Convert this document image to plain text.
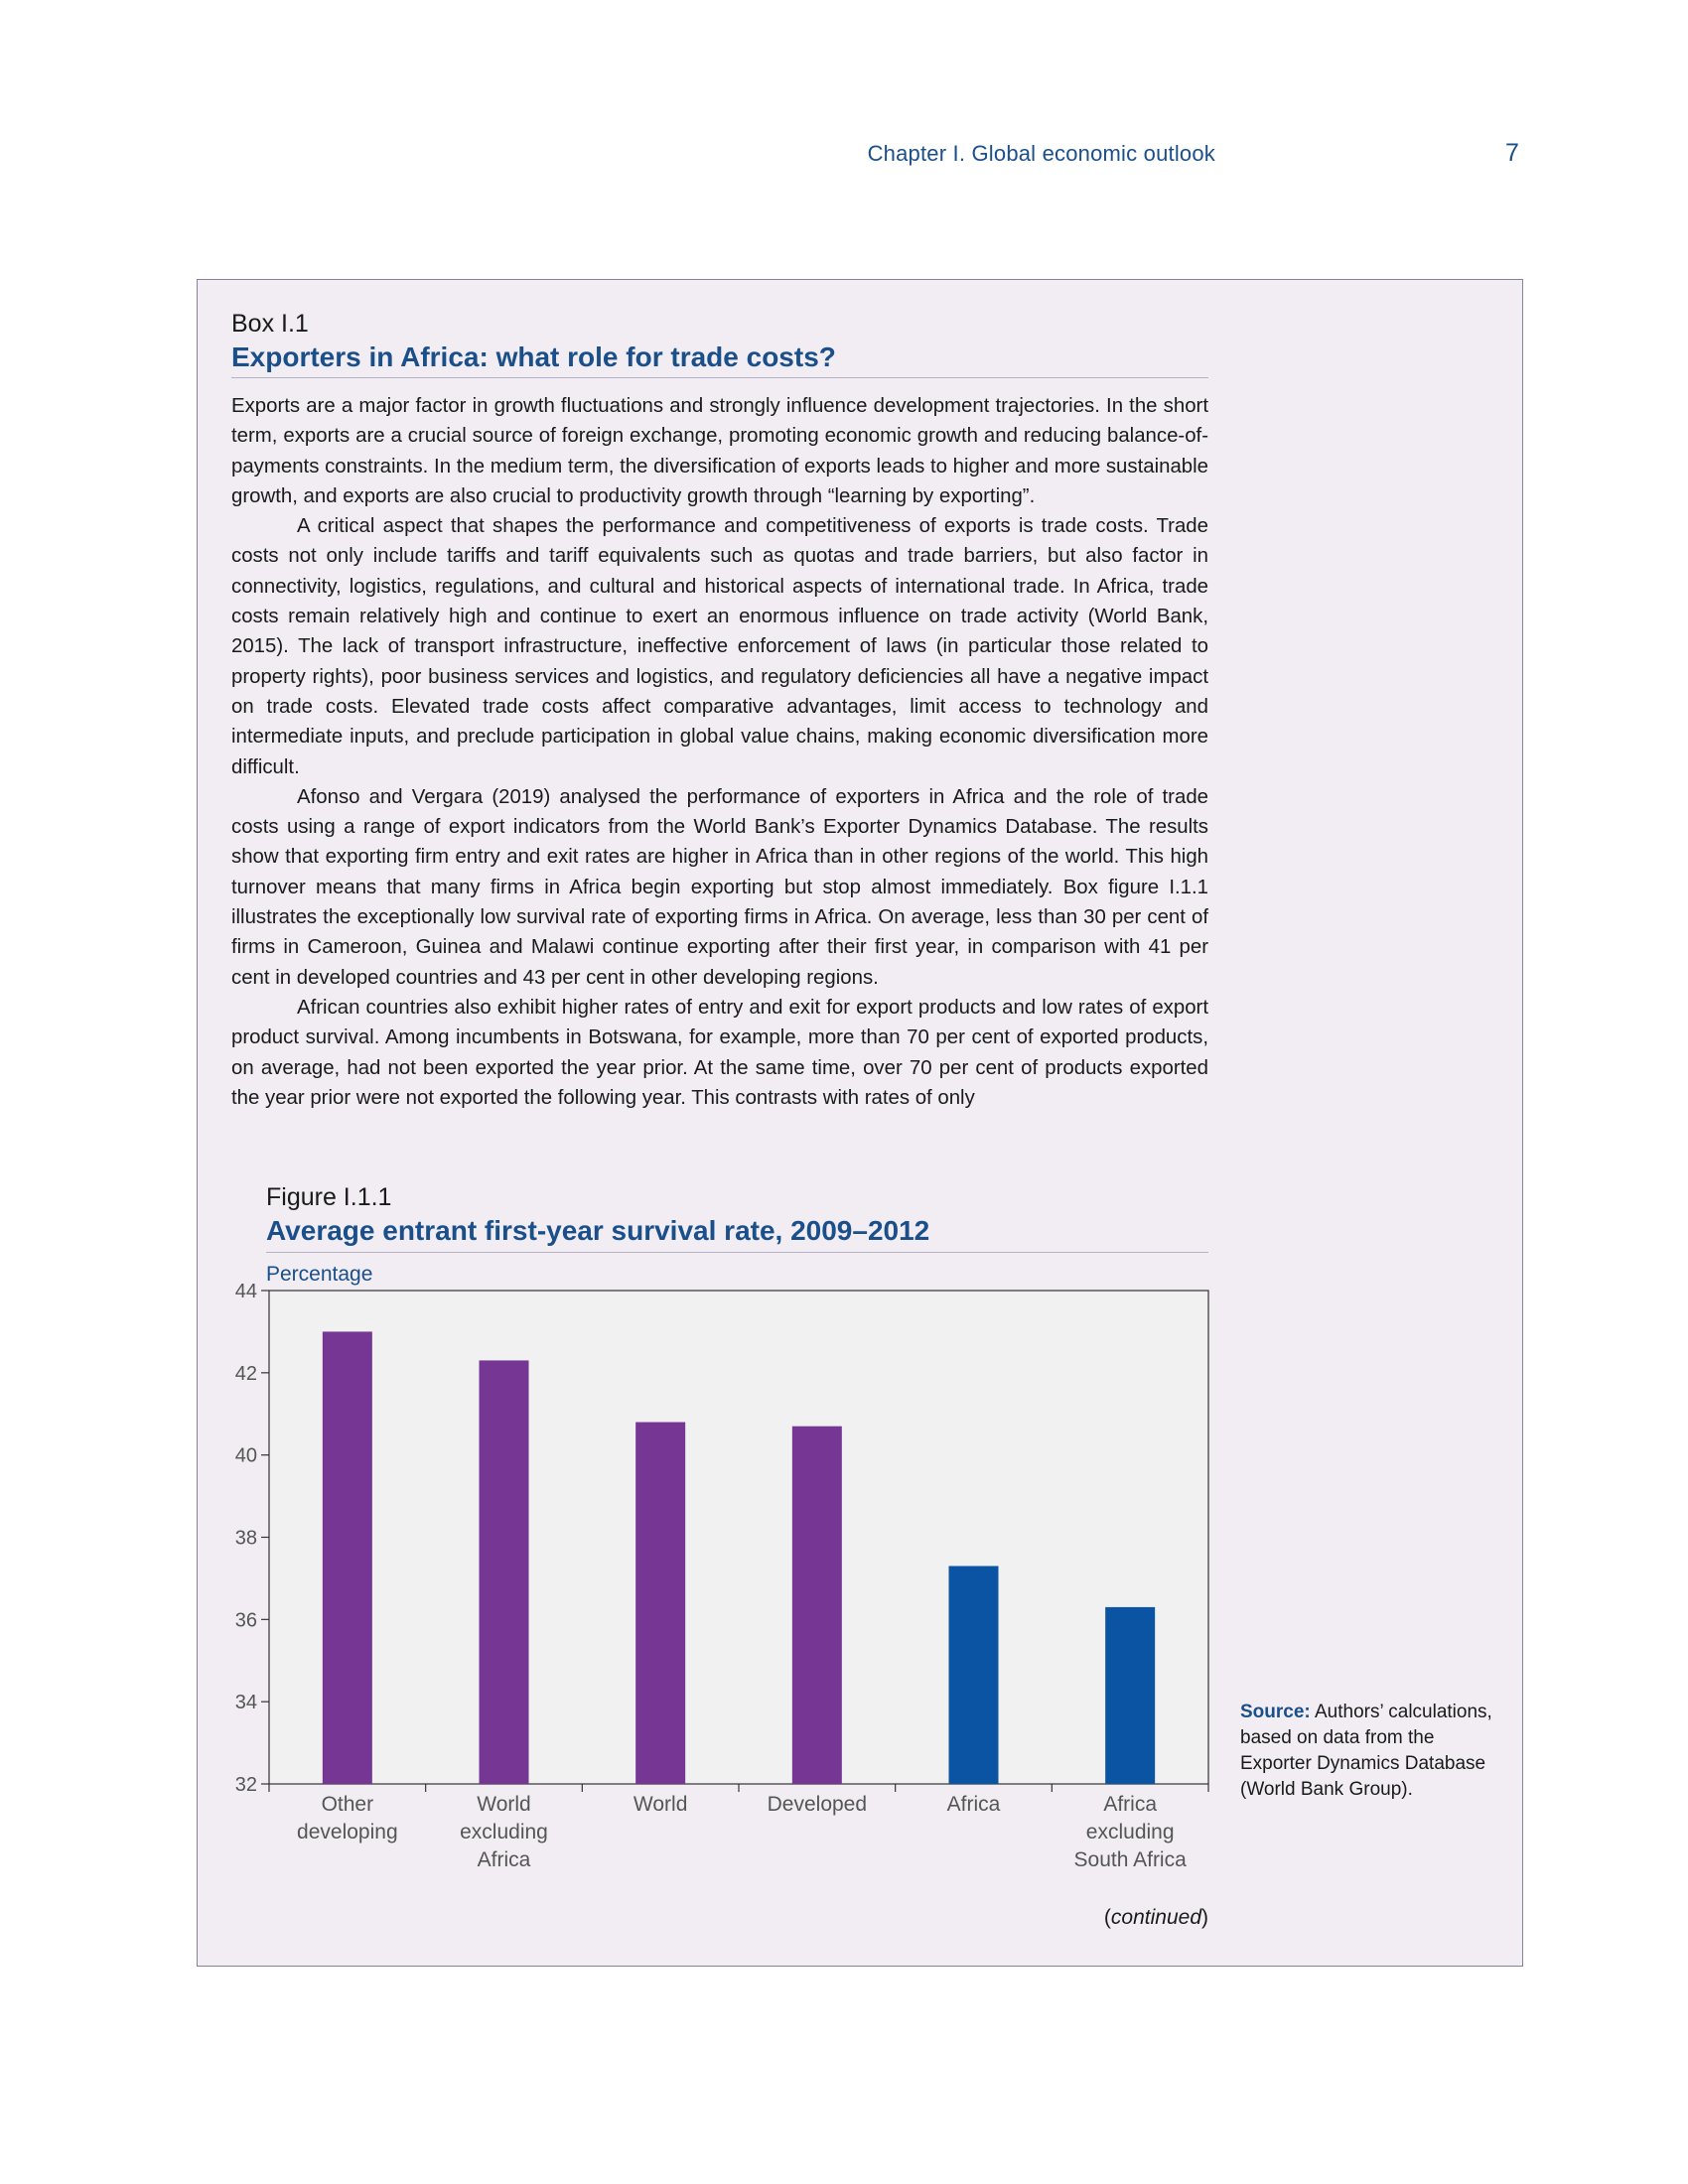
Chapter I. Global economic outlook	7
Box I.1
Exporters in Africa: what role for trade costs?

Exports are a major factor in growth fluctuations and strongly influence development trajectories. In the short term, exports are a crucial source of foreign exchange, promoting economic growth and reducing balance-of-payments constraints. In the medium term, the diversification of exports leads to higher and more sustainable growth, and exports are also crucial to productivity growth through “learning by exporting”.

A critical aspect that shapes the performance and competitiveness of exports is trade costs. Trade costs not only include tariffs and tariff equivalents such as quotas and trade barriers, but also factor in connectivity, logistics, regulations, and cultural and historical aspects of international trade. In Africa, trade costs remain relatively high and continue to exert an enormous influence on trade activity (World Bank, 2015). The lack of transport infrastructure, ineffective enforcement of laws (in particular those related to property rights), poor business services and logistics, and regulatory deficiencies all have a negative impact on trade costs. Elevated trade costs affect comparative advantages, limit access to technology and intermediate inputs, and preclude participation in global value chains, making economic diversification more difficult.

Afonso and Vergara (2019) analysed the performance of exporters in Africa and the role of trade costs using a range of export indicators from the World Bank’s Exporter Dynamics Database. The results show that exporting firm entry and exit rates are higher in Africa than in other regions of the world. This high turnover means that many firms in Africa begin exporting but stop almost immediately. Box figure I.1.1 illustrates the exceptionally low survival rate of exporting firms in Africa. On average, less than 30 per cent of firms in Cameroon, Guinea and Malawi continue exporting after their first year, in comparison with 41 per cent in developed countries and 43 per cent in other developing regions.

African countries also exhibit higher rates of entry and exit for export products and low rates of export product survival. Among incumbents in Botswana, for example, more than 70 per cent of exported products, on average, had not been exported the year prior. At the same time, over 70 per cent of products exported the year prior were not exported the following year. This contrasts with rates of only

Figure I.1.1
Average entrant first-year survival rate, 2009–2012
Percentage
32
34
36
38
40
42
44
Other developing
World excluding Africa
World	Developed	Africa	Africa excluding South Africa
Source: Authors’ calculations, based on data from the Exporter Dynamics Database (World Bank Group).
(continued)
